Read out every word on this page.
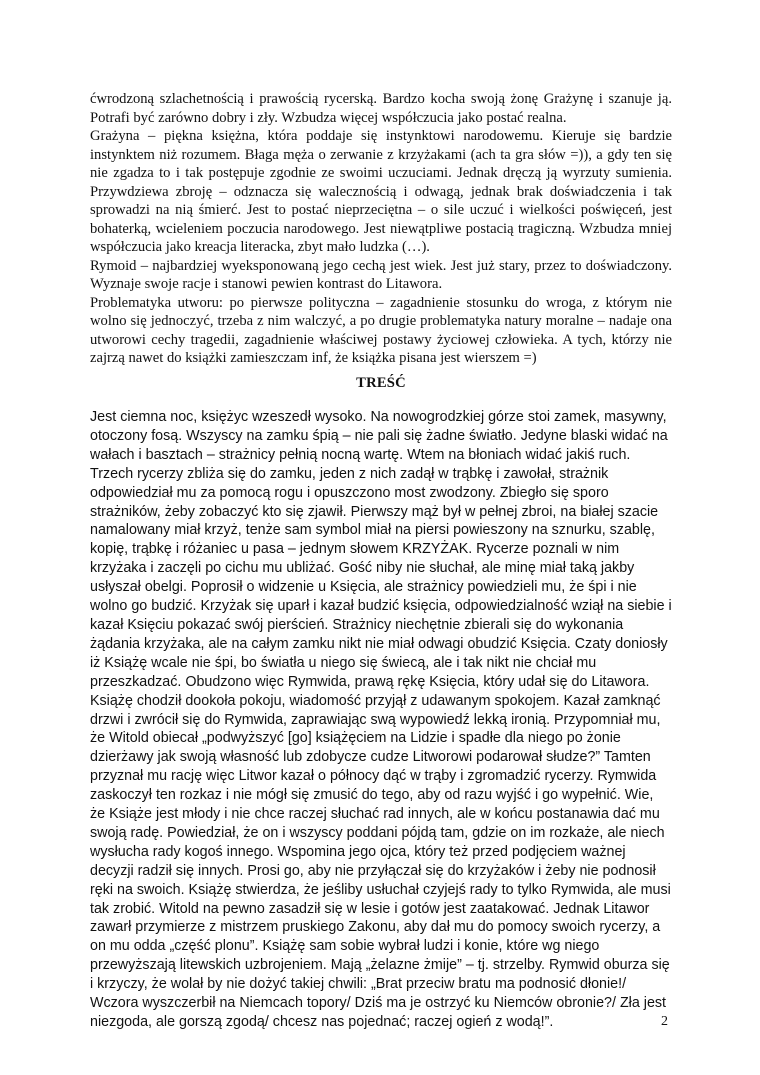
ćwrodzoną szlachetnością i prawością rycerską. Bardzo kocha swoją żonę Grażynę i szanuje ją. Potrafi być zarówno dobry i zły. Wzbudza więcej współczucia jako postać realna.

Grażyna – piękna księżna, która poddaje się instynktowi narodowemu. Kieruje się bardzie instynktem niż rozumem. Błaga męża o zerwanie z krzyżakami (ach ta gra słów =)), a gdy ten się nie zgadza to i tak postępuje zgodnie ze swoimi uczuciami. Jednak dręczą ją wyrzuty sumienia. Przywdziewa zbroję – odznacza się walecznością i odwagą, jednak brak doświadczenia i tak sprowadzi na nią śmierć. Jest to postać nieprzeciętna – o sile uczuć i wielkości poświęceń, jest bohaterką, wcieleniem poczucia narodowego. Jest niewątpliwe postacią tragiczną. Wzbudza mniej współczucia jako kreacja literacka, zbyt mało ludzka (…).

Rymoid – najbardziej wyeksponowaną jego cechą jest wiek. Jest już stary, przez to doświadczony. Wyznaje swoje racje i stanowi pewien kontrast do Litawora.

Problematyka utworu: po pierwsze polityczna – zagadnienie stosunku do wroga, z którym nie wolno się jednoczyć, trzeba z nim walczyć, a po drugie problematyka natury moralne – nadaje ona utworowi cechy tragedii, zagadnienie właściwej postawy życiowej człowieka. A tych, którzy nie zajrzą nawet do książki zamieszczam inf, że książka pisana jest wierszem =)

TREŚĆ

Jest ciemna noc, księżyc wzeszedł wysoko. Na nowogrodzkiej górze stoi zamek, masywny, otoczony fosą. Wszyscy na zamku śpią – nie pali się żadne światło. Jedyne blaski widać na wałach i basztach – strażnicy pełnią nocną wartę. Wtem na błoniach widać jakiś ruch. Trzech rycerzy zbliża się do zamku, jeden z nich zadął w trąbkę i zawołał, strażnik odpowiedział mu za pomocą rogu i opuszczono most zwodzony. Zbiegło się sporo strażników, żeby zobaczyć kto się zjawił. Pierwszy mąż był w pełnej zbroi, na białej szacie namalowany miał krzyż, tenże sam symbol miał na piersi powieszony na sznurku, szablę, kopię, trąbkę i różaniec u pasa – jednym słowem KRZYŻAK. Rycerze poznali w nim krzyżaka i zaczęli po cichu mu ubliżać. Gość niby nie słuchał, ale minę miał taką jakby usłyszał obelgi. Poprosił o widzenie u Księcia, ale strażnicy powiedzieli mu, że śpi i nie wolno go budzić. Krzyżak się uparł i kazał budzić księcia, odpowiedzialność wziął na siebie i kazał Księciu pokazać swój pierścień. Strażnicy niechętnie zbierali się do wykonania żądania krzyżaka, ale na całym zamku nikt nie miał odwagi obudzić Księcia. Czaty doniosły iż Książę wcale nie śpi, bo światła u niego się świecą, ale i tak nikt nie chciał mu przeszkadzać. Obudzono więc Rymwida, prawą rękę Księcia, który udał się do Litawora. Książę chodził dookoła pokoju, wiadomość przyjął z udawanym spokojem. Kazał zamknąć drzwi i zwrócił się do Rymwida, zaprawiając swą wypowiedź lekką ironią. Przypomniał mu, że Witold obiecał „podwyższyć [go] książęciem na Lidzie i spadłe dla niego po żonie dzierżawy jak swoją własność lub zdobycze cudze Litworowi podarował słudze?” Tamten przyznał mu rację więc Litwor kazał o północy dąć w trąby i zgromadzić rycerzy. Rymwida zaskoczył ten rozkaz i nie mógł się zmusić do tego, aby od razu wyjść i go wypełnić. Wie, że Książe jest młody i nie chce raczej słuchać rad innych, ale w końcu postanawia dać mu swoją radę. Powiedział, że on i wszyscy poddani pójdą tam, gdzie on im rozkaże, ale niech wysłucha rady kogoś innego. Wspomina jego ojca, który też przed podjęciem ważnej decyzji radził się innych. Prosi go, aby nie przyłączał się do krzyżaków i żeby nie podnosił ręki na swoich. Książę stwierdza, że jeśliby usłuchał czyjejś rady to tylko Rymwida, ale musi tak zrobić. Witold na pewno zasadził się w lesie i gotów jest zaatakować. Jednak Litawor zawarł przymierze z mistrzem pruskiego Zakonu, aby dał mu do pomocy swoich rycerzy, a on mu odda „część plonu”. Książę sam sobie wybrał ludzi i konie, które wg niego przewyższają litewskich uzbrojeniem. Mają „żelazne żmije” – tj. strzelby. Rymwid oburza się i krzyczy, że wolał by nie dożyć takiej chwili: „Brat przeciw bratu ma podnosić dłonie!/ Wczora wyszczerbił na Niemcach topory/ Dziś ma je ostrzyć ku Niemców obronie?/ Zła jest niezgoda, ale gorszą zgodą/ chcesz nas pojednać; raczej ogień z wodą!”.	2
